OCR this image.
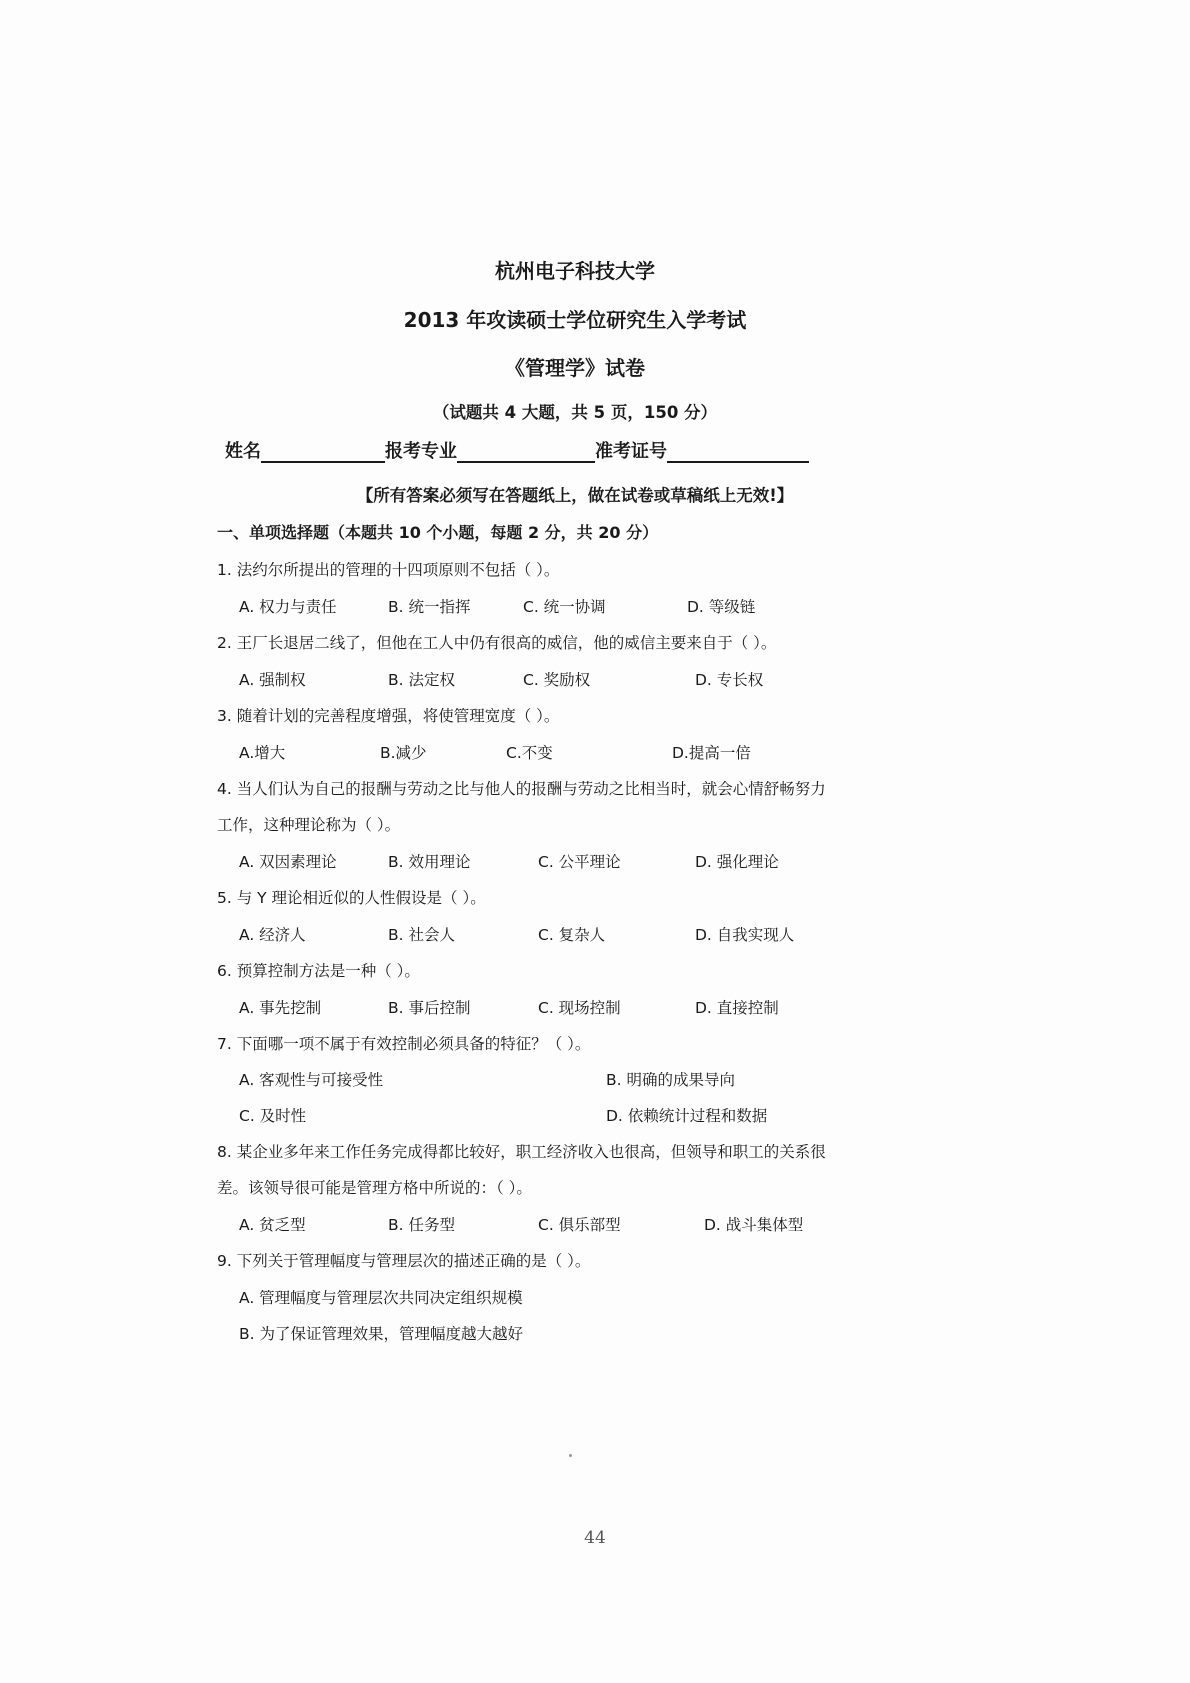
杭州电子科技大学
2013 年攻读硕士学位研究生入学考试
《管理学》试卷
（试题共 4 大题，共 5 页，150 分）
姓名	报考专业	准考证号
【所有答案必须写在答题纸上，做在试卷或草稿纸上无效!】
一、单项选择题（本题共 10 个小题，每题 2 分，共 20 分）
1. 法约尔所提出的管理的十四项原则不包括（ ）。
A. 权力与责任	B. 统一指挥	C. 统一协调	D. 等级链
2. 王厂长退居二线了，但他在工人中仍有很高的威信，他的威信主要来自于（ ）。
A. 强制权	B. 法定权	C. 奖励权	D. 专长权
3. 随着计划的完善程度增强，将使管理宽度（ ）。
A.增大	B.减少	C.不变	D.提高一倍
4. 当人们认为自己的报酬与劳动之比与他人的报酬与劳动之比相当时，就会心情舒畅努力
工作，这种理论称为（ ）。
A. 双因素理论	B. 效用理论	C. 公平理论	D. 强化理论
5. 与 Y 理论相近似的人性假设是（ ）。
A. 经济人	B. 社会人	C. 复杂人	D. 自我实现人
6. 预算控制方法是一种（ ）。
A. 事先挖制	B. 事后控制	C. 现场控制	D. 直接控制
7. 下面哪一项不属于有效控制必须具备的特征？（ ）。
A. 客观性与可接受性	B. 明确的成果导向
C. 及时性	D. 依赖统计过程和数据
8. 某企业多年来工作任务完成得都比较好，职工经济收入也很高，但领导和职工的关系很
差。该领导很可能是管理方格中所说的：（ ）。
A. 贫乏型	B. 任务型	C. 俱乐部型	D. 战斗集体型
9. 下列关于管理幅度与管理层次的描述正确的是（ ）。
A. 管理幅度与管理层次共同决定组织规模
B. 为了保证管理效果，管理幅度越大越好
44
